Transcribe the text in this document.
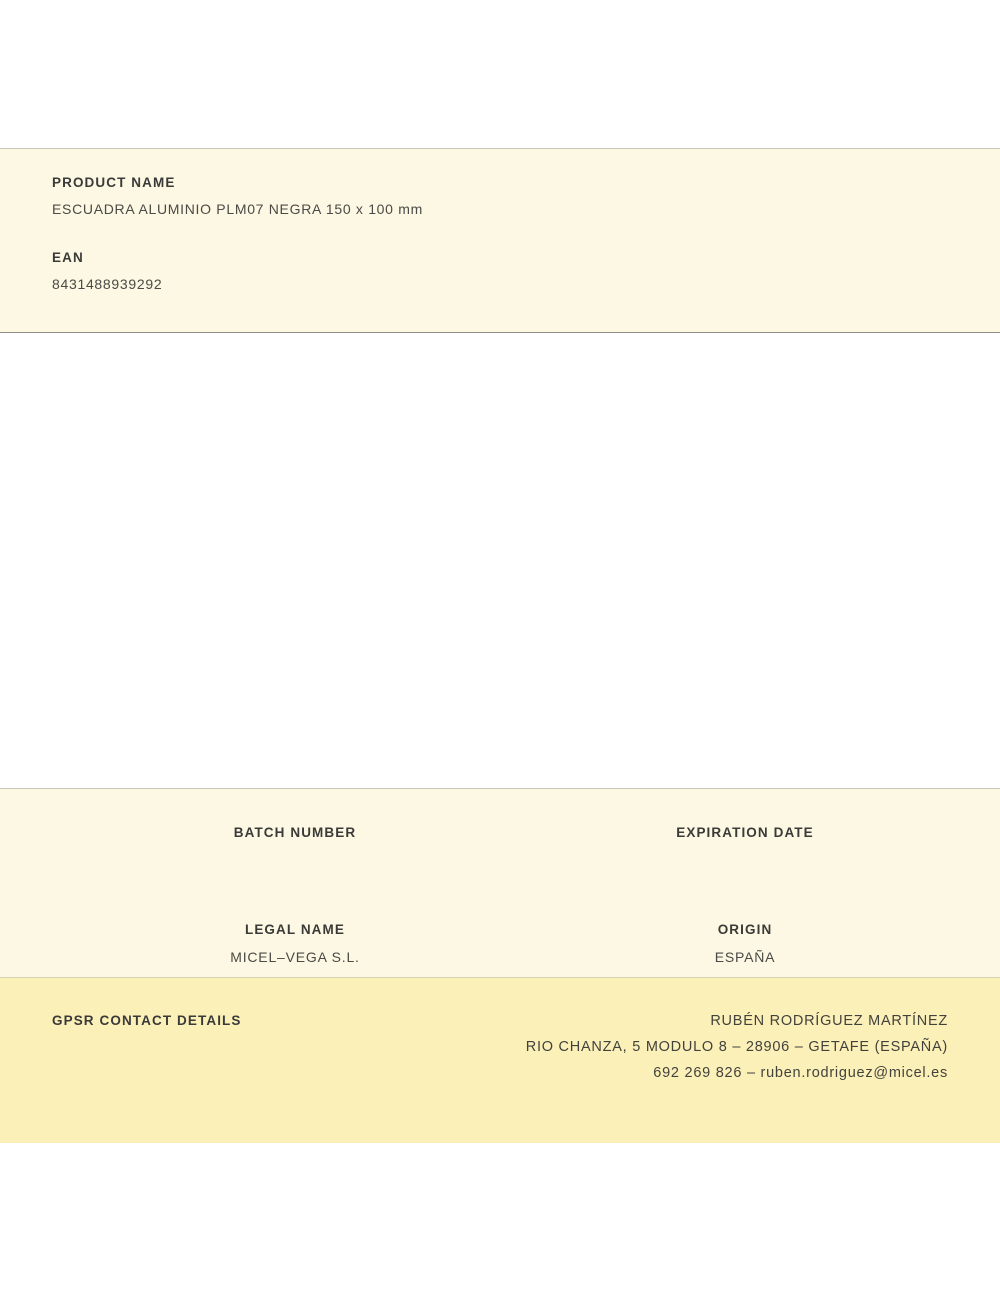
PRODUCT NAME
ESCUADRA ALUMINIO PLM07 NEGRA 150 x 100 mm
EAN
8431488939292
BATCH NUMBER	EXPIRATION DATE
LEGAL NAME
MICEL–VEGA S.L.
ORIGIN
ESPAÑA
GPSR CONTACT DETAILS	RUBÉN RODRÍGUEZ MARTÍNEZ
RIO CHANZA, 5 MODULO 8 – 28906 – GETAFE (ESPAÑA)
692 269 826 – ruben.rodriguez@micel.es
